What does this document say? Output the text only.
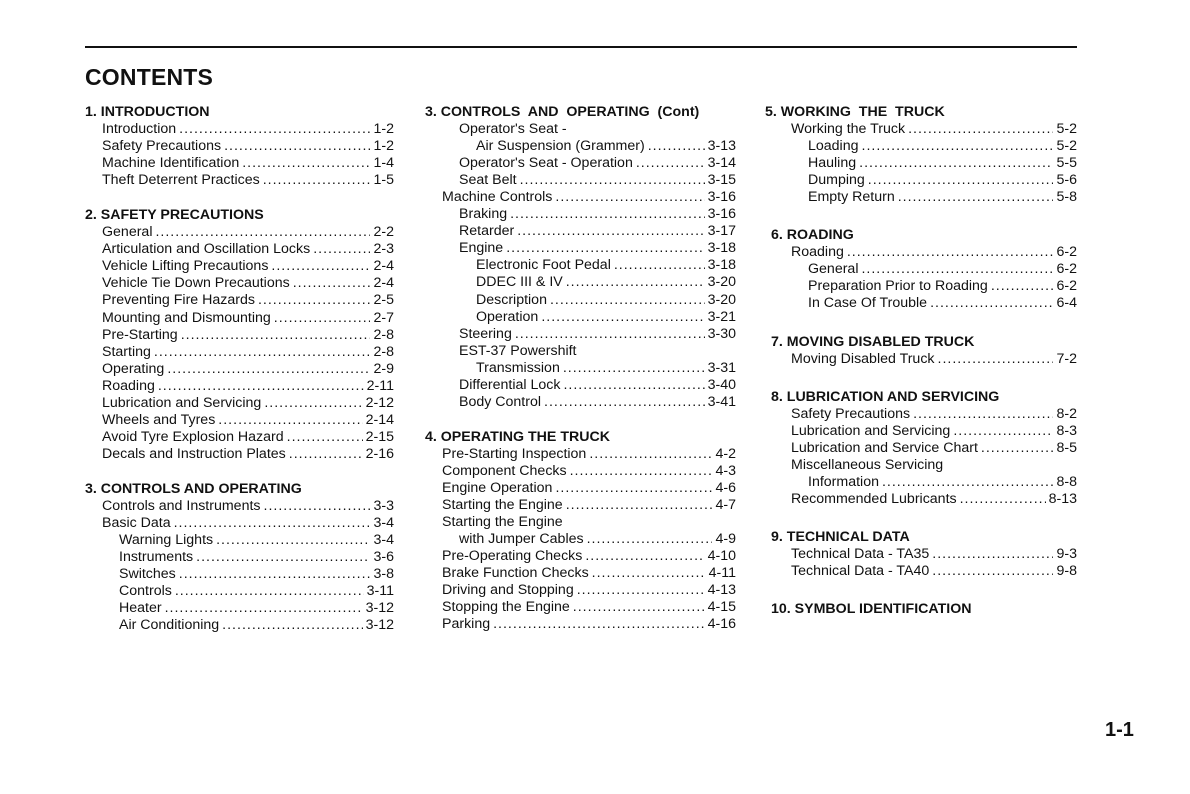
CONTENTS
1. INTRODUCTION
Introduction .....	1-2
Safety Precautions .....	1-2
Machine Identification .....	1-4
Theft Deterrent Practices .....	1-5
2. SAFETY PRECAUTIONS
General .....	2-2
Articulation and Oscillation Locks .....	2-3
Vehicle Lifting Precautions .....	2-4
Vehicle Tie Down Precautions .....	2-4
Preventing Fire Hazards .....	2-5
Mounting and Dismounting .....	2-7
Pre-Starting .....	2-8
Starting .....	2-8
Operating .....	2-9
Roading .....	2-11
Lubrication and Servicing .....	2-12
Wheels and Tyres .....	2-14
Avoid Tyre Explosion Hazard .....	2-15
Decals and Instruction Plates .....	2-16
3. CONTROLS AND OPERATING
Controls and Instruments .....	3-3
Basic Data .....	3-4
Warning Lights .....	3-4
Instruments .....	3-6
Switches .....	3-8
Controls .....	3-11
Heater .....	3-12
Air Conditioning .....	3-12
3. CONTROLS  AND  OPERATING  (Cont)
Operator's Seat -
Air Suspension (Grammer) .....	3-13
Operator's Seat - Operation .....	3-14
Seat Belt .....	3-15
Machine Controls .....	3-16
Braking .....	3-16
Retarder .....	3-17
Engine .....	3-18
Electronic Foot Pedal .....	3-18
DDEC III & IV .....	3-20
Description .....	3-20
Operation .....	3-21
Steering .....	3-30
EST-37 Powershift
Transmission .....	3-31
Differential Lock .....	3-40
Body Control .....	3-41
4. OPERATING THE TRUCK
Pre-Starting Inspection .....	4-2
Component Checks .....	4-3
Engine Operation .....	4-6
Starting the Engine .....	4-7
Starting the Engine
with Jumper Cables .....	4-9
Pre-Operating Checks .....	4-10
Brake Function Checks .....	4-11
Driving and Stopping .....	4-13
Stopping the Engine .....	4-15
Parking .....	4-16
5. WORKING  THE  TRUCK
Working the Truck .....	5-2
Loading .....	5-2
Hauling .....	5-5
Dumping .....	5-6
Empty Return .....	5-8
6. ROADING
Roading .....	6-2
General .....	6-2
Preparation Prior to Roading .....	6-2
In Case Of Trouble .....	6-4
7. MOVING DISABLED TRUCK
Moving Disabled Truck .....	7-2
8. LUBRICATION AND SERVICING
Safety Precautions .....	8-2
Lubrication and Servicing .....	8-3
Lubrication and Service Chart .....	8-5
Miscellaneous Servicing
Information .....	8-8
Recommended Lubricants .....	8-13
9. TECHNICAL DATA
Technical Data - TA35 .....	9-3
Technical Data - TA40 .....	9-8
10. SYMBOL IDENTIFICATION
1-1
